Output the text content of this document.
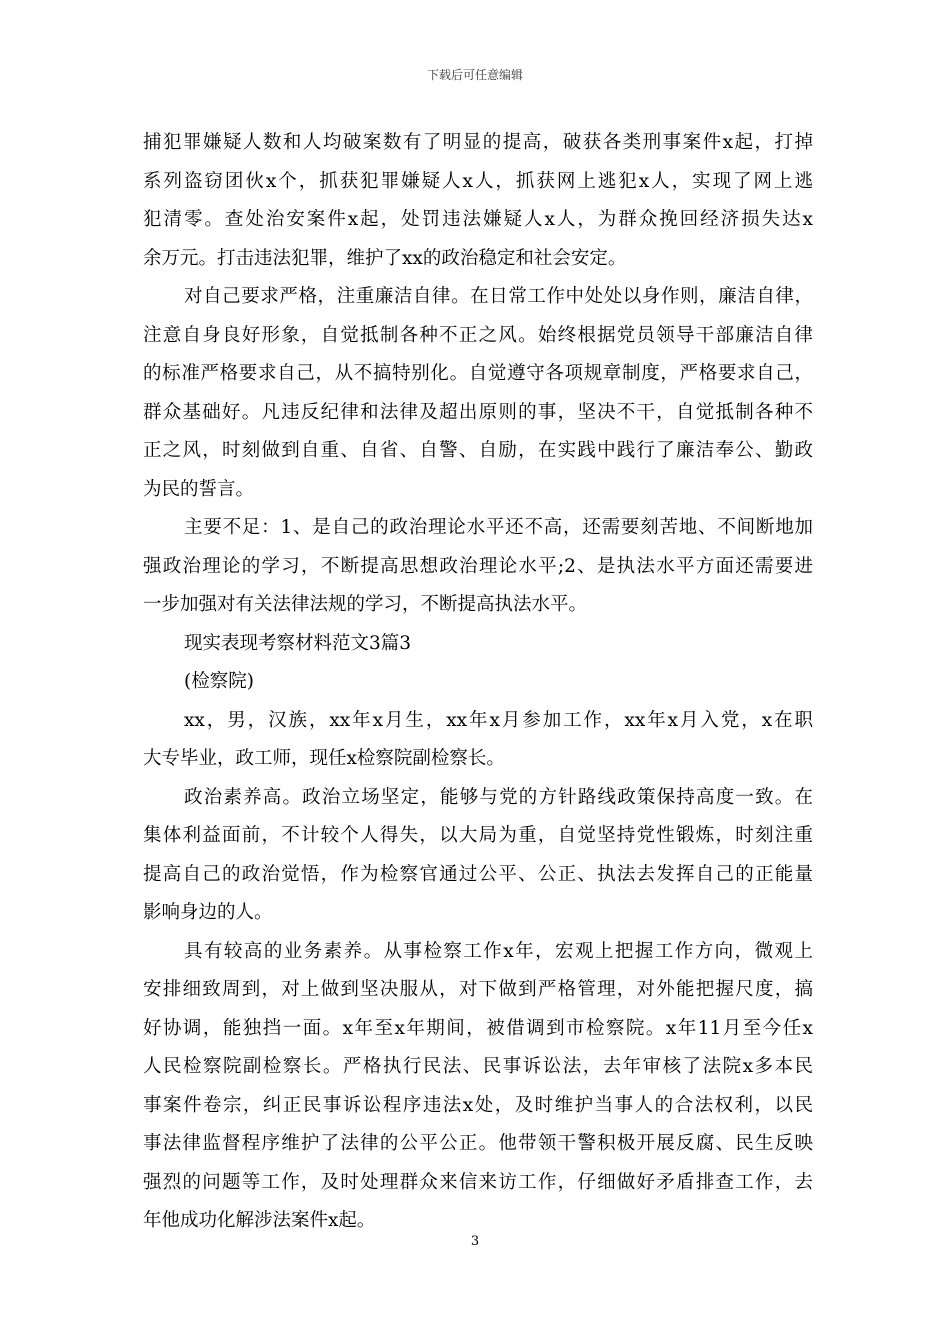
下载后可任意编辑
捕犯罪嫌疑人数和人均破案数有了明显的提高，破获各类刑事案件x起，打掉
系列盗窃团伙x个，抓获犯罪嫌疑人x人，抓获网上逃犯x人，实现了网上逃
犯清零。查处治安案件x起，处罚违法嫌疑人x人，为群众挽回经济损失达x
余万元。打击违法犯罪，维护了xx的政治稳定和社会安定。
对自己要求严格，注重廉洁自律。在日常工作中处处以身作则，廉洁自律，
注意自身良好形象，自觉抵制各种不正之风。始终根据党员领导干部廉洁自律
的标准严格要求自己，从不搞特别化。自觉遵守各项规章制度，严格要求自己，
群众基础好。凡违反纪律和法律及超出原则的事，坚决不干，自觉抵制各种不
正之风，时刻做到自重、自省、自警、自励，在实践中践行了廉洁奉公、勤政
为民的誓言。
主要不足：1、是自己的政治理论水平还不高，还需要刻苦地、不间断地加
强政治理论的学习，不断提高思想政治理论水平;2、是执法水平方面还需要进
一步加强对有关法律法规的学习，不断提高执法水平。
现实表现考察材料范文3篇3
(检察院)
xx，男，汉族，xx年x月生，xx年x月参加工作，xx年x月入党，x在职
大专毕业，政工师，现任x检察院副检察长。
政治素养高。政治立场坚定，能够与党的方针路线政策保持高度一致。在
集体利益面前，不计较个人得失，以大局为重，自觉坚持党性锻炼，时刻注重
提高自己的政治觉悟，作为检察官通过公平、公正、执法去发挥自己的正能量
影响身边的人。
具有较高的业务素养。从事检察工作x年，宏观上把握工作方向，微观上
安排细致周到，对上做到坚决服从，对下做到严格管理，对外能把握尺度，搞
好协调，能独挡一面。x年至x年期间，被借调到市检察院。x年11月至今任x
人民检察院副检察长。严格执行民法、民事诉讼法，去年审核了法院x多本民
事案件卷宗，纠正民事诉讼程序违法x处，及时维护当事人的合法权利，以民
事法律监督程序维护了法律的公平公正。他带领干警积极开展反腐、民生反映
强烈的问题等工作，及时处理群众来信来访工作，仔细做好矛盾排查工作，去
年他成功化解涉法案件x起。
3
